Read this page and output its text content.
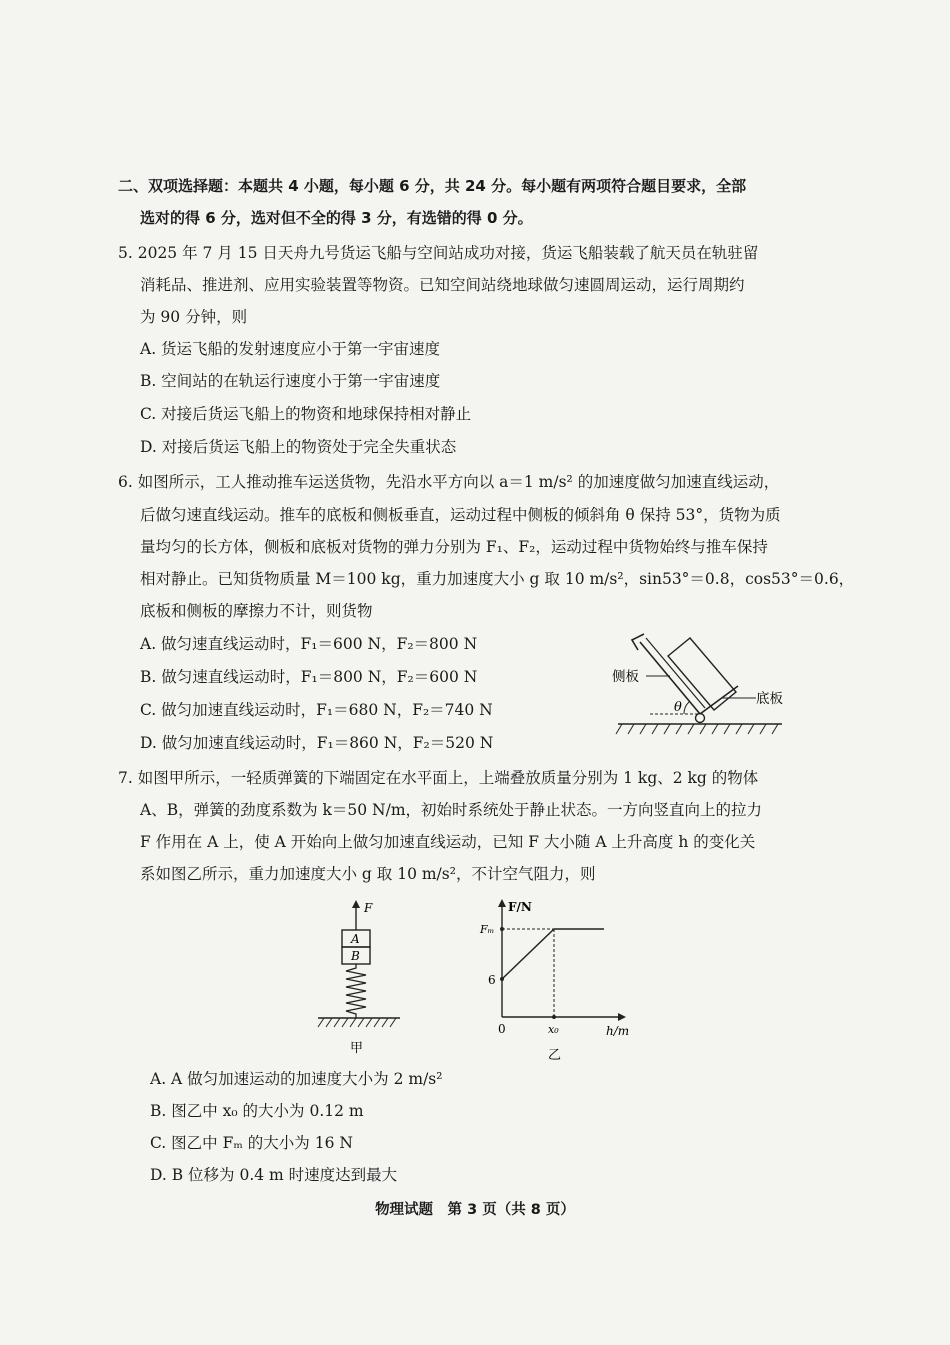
二、双项选择题：本题共 4 小题，每小题 6 分，共 24 分。每小题有两项符合题目要求，全部
选对的得 6 分，选对但不全的得 3 分，有选错的得 0 分。
5. 2025 年 7 月 15 日天舟九号货运飞船与空间站成功对接，货运飞船装载了航天员在轨驻留
消耗品、推进剂、应用实验装置等物资。已知空间站绕地球做匀速圆周运动，运行周期约
为 90 分钟，则
A. 货运飞船的发射速度应小于第一宇宙速度
B. 空间站的在轨运行速度小于第一宇宙速度
C. 对接后货运飞船上的物资和地球保持相对静止
D. 对接后货运飞船上的物资处于完全失重状态
6. 如图所示，工人推动推车运送货物，先沿水平方向以 a＝1 m/s² 的加速度做匀加速直线运动，
后做匀速直线运动。推车的底板和侧板垂直，运动过程中侧板的倾斜角 θ 保持 53°，货物为质
量均匀的长方体，侧板和底板对货物的弹力分别为 F₁、F₂，运动过程中货物始终与推车保持
相对静止。已知货物质量 M＝100 kg，重力加速度大小 g 取 10 m/s²，sin53°＝0.8，cos53°＝0.6，
底板和侧板的摩擦力不计，则货物
A. 做匀速直线运动时，F₁＝600 N，F₂＝800 N
B. 做匀速直线运动时，F₁＝800 N，F₂＝600 N
C. 做匀加速直线运动时，F₁＝680 N，F₂＝740 N
D. 做匀加速直线运动时，F₁＝860 N，F₂＝520 N
θ
侧板
底板
7. 如图甲所示，一轻质弹簧的下端固定在水平面上，上端叠放质量分别为 1 kg、2 kg 的物体
A、B，弹簧的劲度系数为 k＝50 N/m，初始时系统处于静止状态。一方向竖直向上的拉力
F 作用在 A 上，使 A 开始向上做匀加速直线运动，已知 F 大小随 A 上升高度 h 的变化关
系如图乙所示，重力加速度大小 g 取 10 m/s²，不计空气阻力，则
F
A
B
甲
F/N
h/m
0
Fₘ
6
x₀
乙
A. A 做匀加速运动的加速度大小为 2 m/s²
B. 图乙中 x₀ 的大小为 0.12 m
C. 图乙中 Fₘ 的大小为 16 N
D. B 位移为 0.4 m 时速度达到最大
物理试题　第 3 页（共 8 页）
